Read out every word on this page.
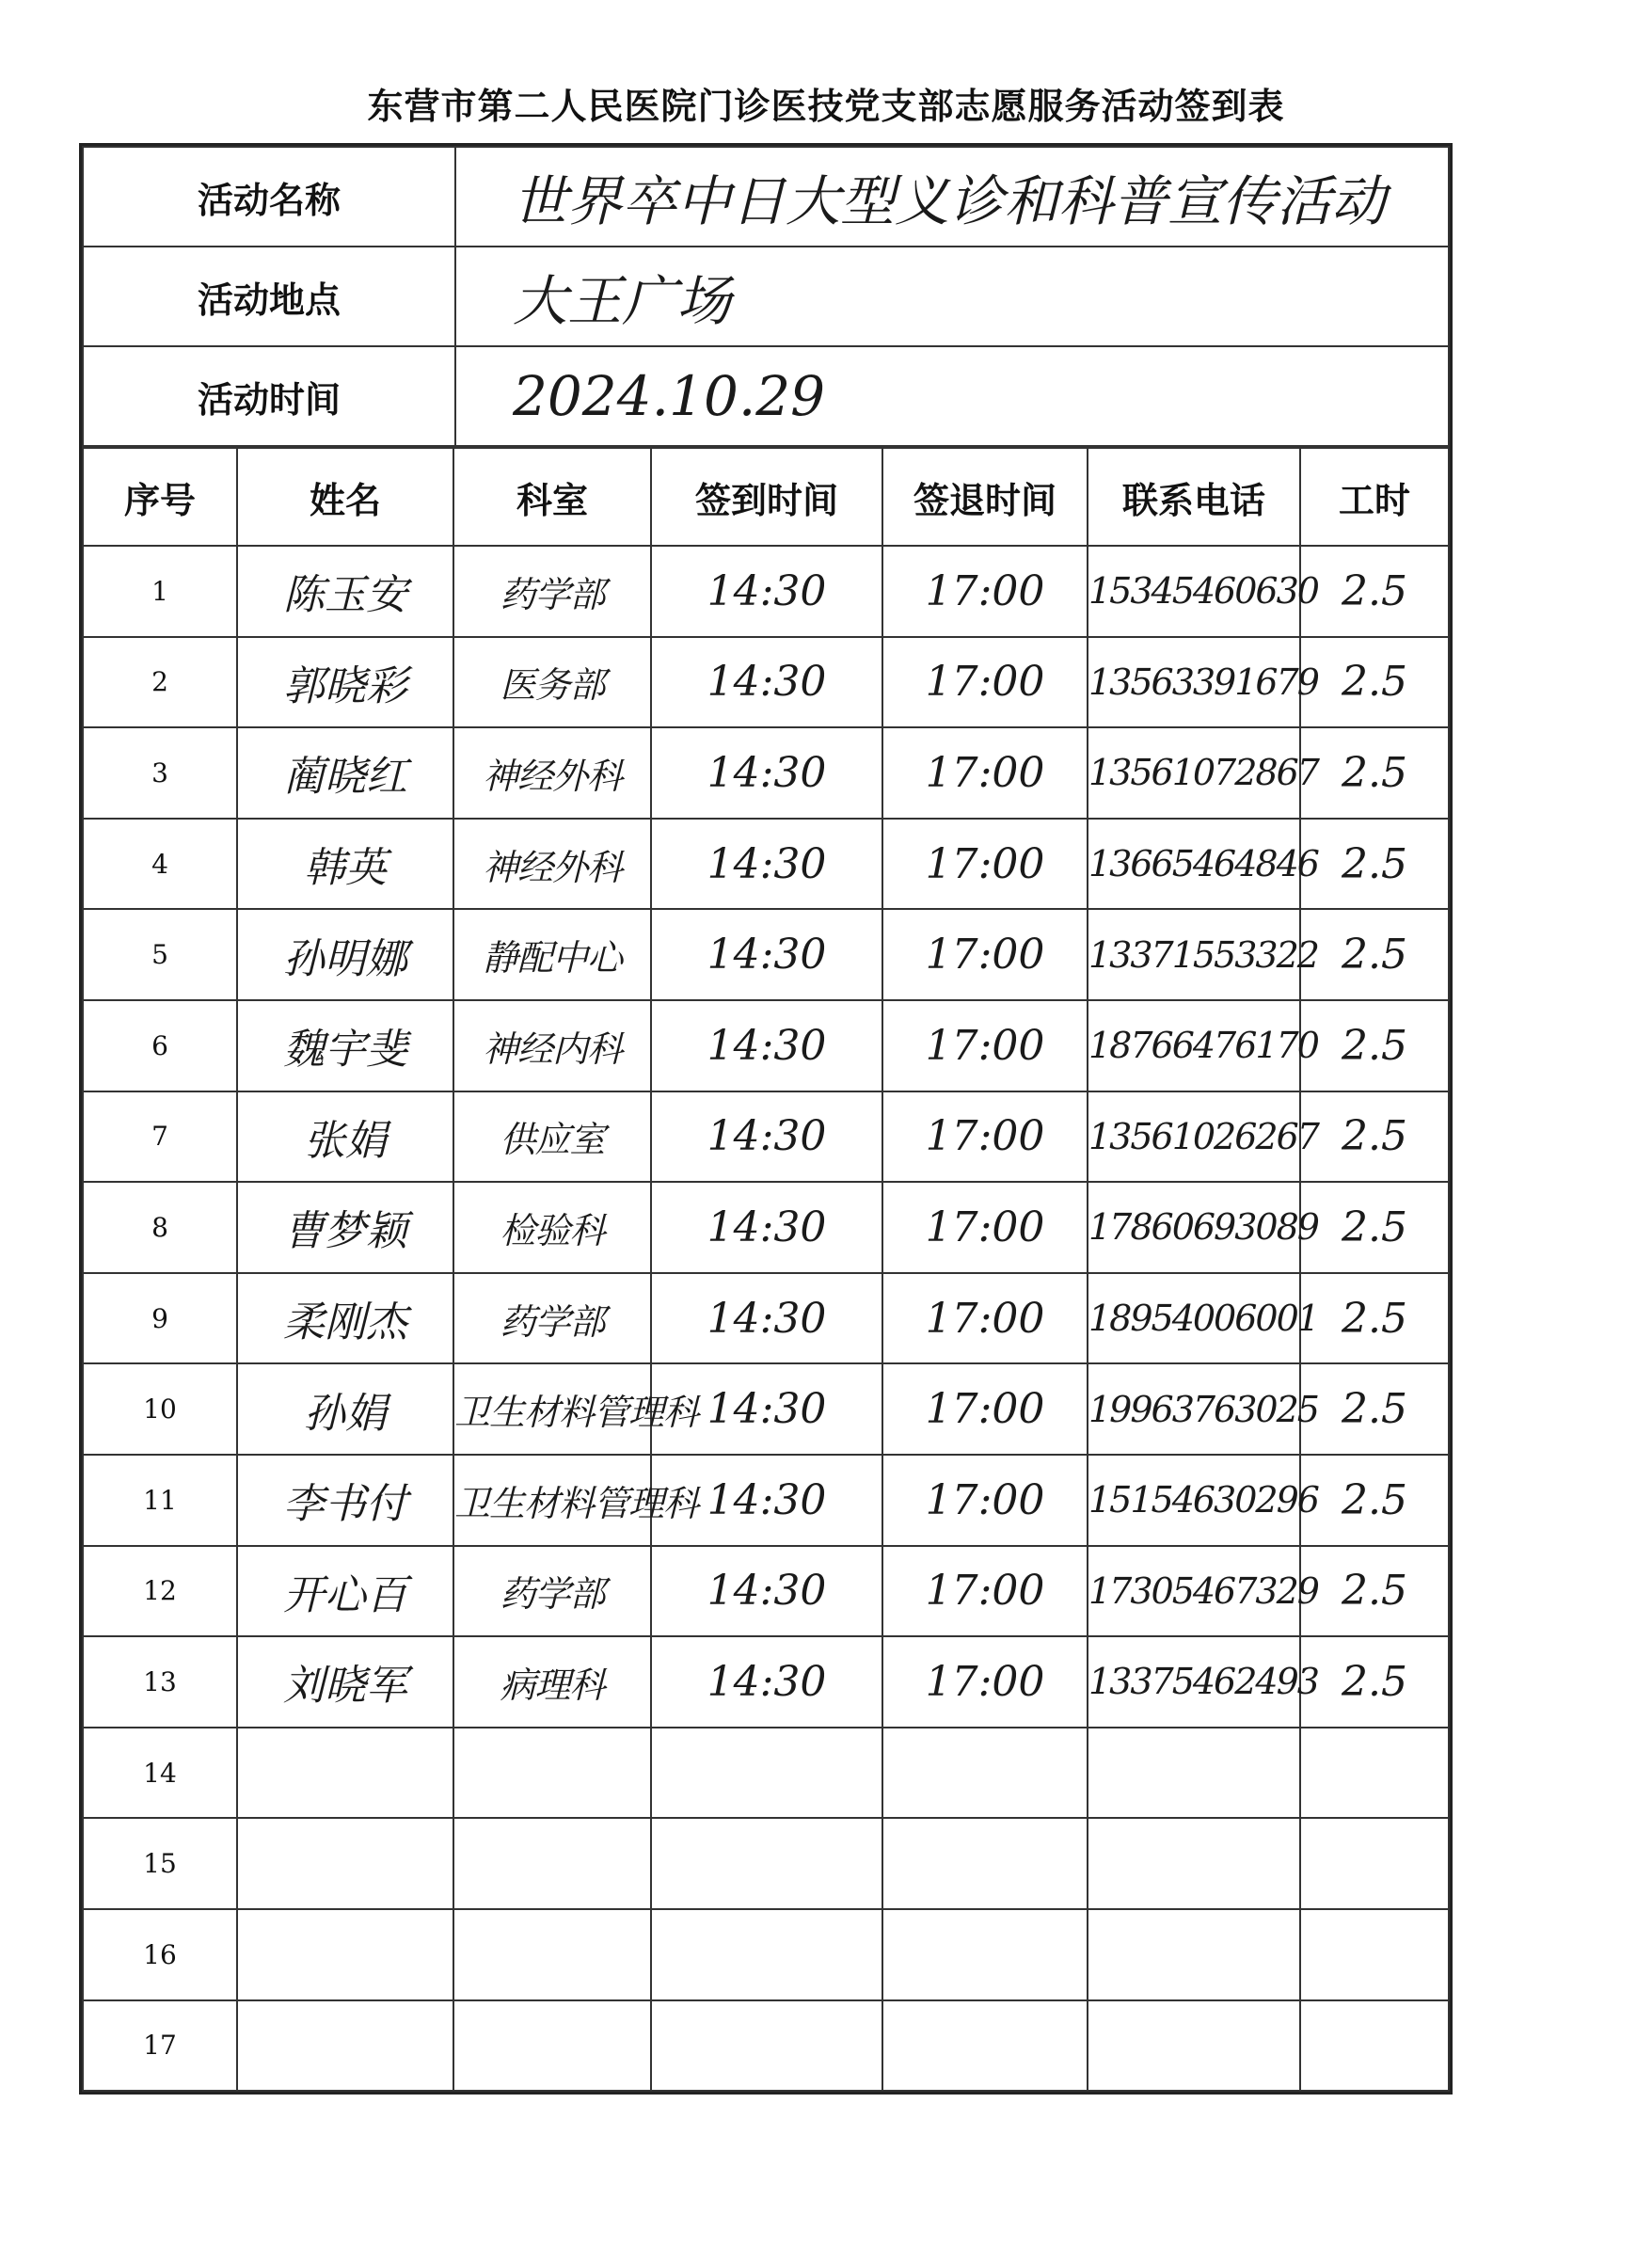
东营市第二人民医院门诊医技党支部志愿服务活动签到表
活动名称	世界卒中日大型义诊和科普宣传活动
活动地点	大王广场
活动时间	2024.10.29
序号	姓名	科室	签到时间	签退时间	联系电话	工时
1	陈玉安	药学部	14:30	17:00	15345460630	2.5
2	郭晓彩	医务部	14:30	17:00	13563391679	2.5
3	蔺晓红	神经外科	14:30	17:00	13561072867	2.5
4	韩英	神经外科	14:30	17:00	13665464846	2.5
5	孙明娜	静配中心	14:30	17:00	13371553322	2.5
6	魏宇斐	神经内科	14:30	17:00	18766476170	2.5
7	张娟	供应室	14:30	17:00	13561026267	2.5
8	曹梦颖	检验科	14:30	17:00	17860693089	2.5
9	柔刚杰	药学部	14:30	17:00	18954006001	2.5
10	孙娟	卫生材料管理科	14:30	17:00	19963763025	2.5
11	李书付	卫生材料管理科	14:30	17:00	15154630296	2.5
12	开心百	药学部	14:30	17:00	17305467329	2.5
13	刘晓军	病理科	14:30	17:00	13375462493	2.5
14						
15						
16						
17						
